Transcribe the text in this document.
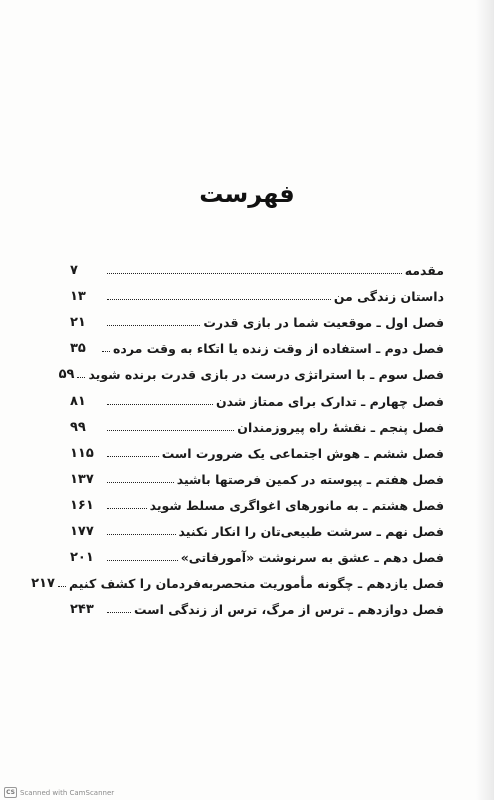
فهرست
مقدمه
۷
داستان زندگی من
۱۳
فصل اول ـ موقعیت شما در بازی قدرت
۲۱
فصل دوم ـ استفاده از وقت زنده یا اتکاء به وقت مرده
۳۵
فصل سوم ـ با استراتژی درست در بازی قدرت برنده شوید
۵۹
فصل چهارم ـ تدارک برای ممتاز شدن
۸۱
فصل پنجم ـ نقشهٔ راه پیروزمندان
۹۹
فصل ششم ـ هوش اجتماعی یک ضرورت است
۱۱۵
فصل هفتم ـ پیوسته در کمین فرصتها باشید
۱۳۷
فصل هشتم ـ به مانورهای اغواگری مسلط شوید
۱۶۱
فصل نهم ـ سرشت طبیعی‌تان را انکار نکنید
۱۷۷
فصل دهم ـ عشق به سرنوشت «آمورفاتی»
۲۰۱
فصل یازدهم ـ چگونه مأموریت منحصربه‌فردمان را کشف کنیم
۲۱۷
فصل دوازدهم ـ ترس از مرگ، ترس از زندگی است
۲۴۳
CS Scanned with CamScanner
